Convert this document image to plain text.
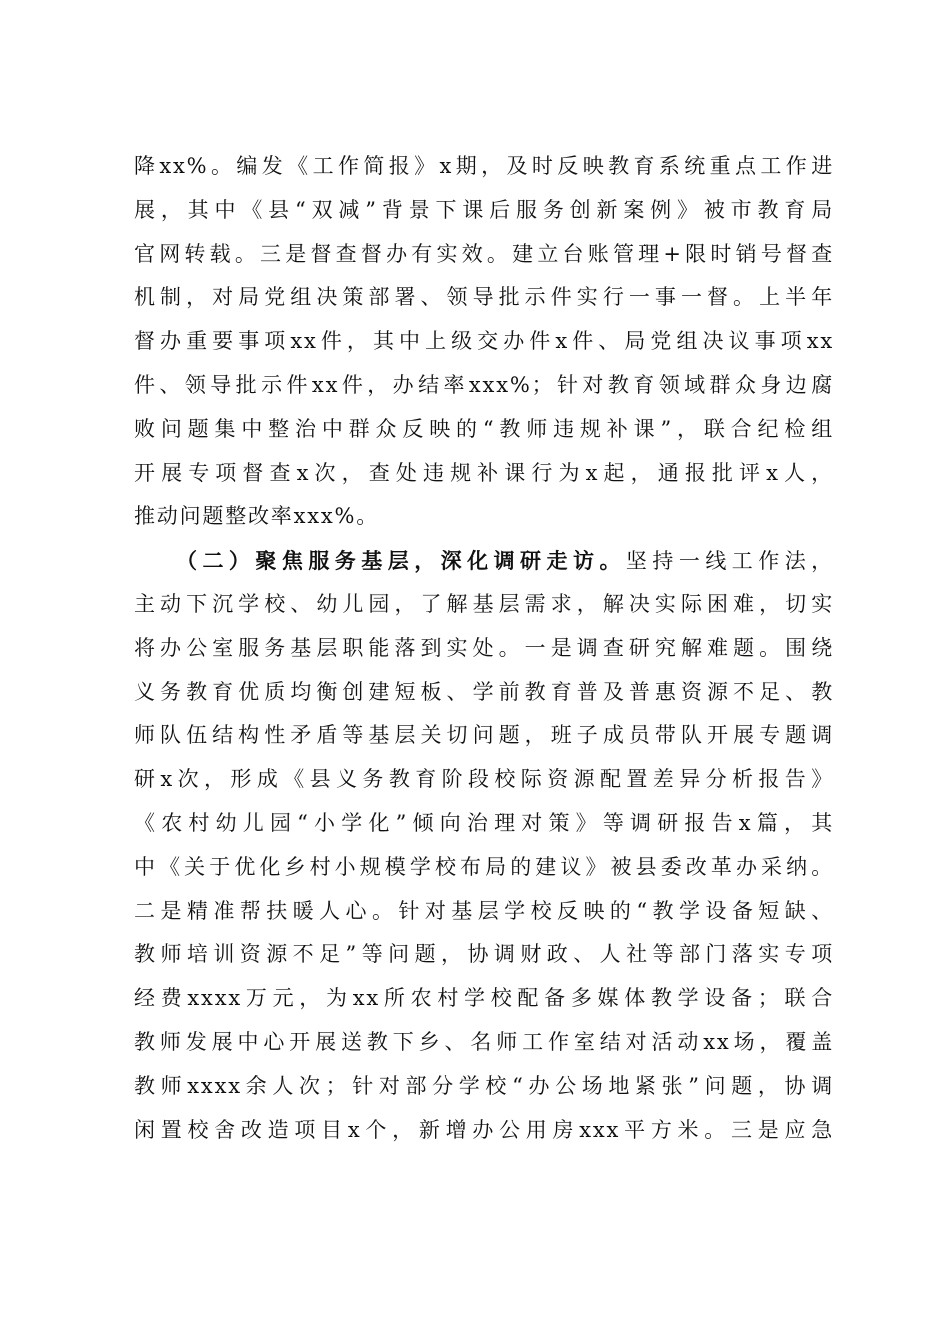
降xx%。编发《工作简报》x期，及时反映教育系统重点工作进
展，其中《县“双减”背景下课后服务创新案例》被市教育局
官网转载。三是督查督办有实效。建立台账管理+限时销号督查
机制，对局党组决策部署、领导批示件实行一事一督。上半年
督办重要事项xx件，其中上级交办件x件、局党组决议事项xx
件、领导批示件xx件，办结率xxx%；针对教育领域群众身边腐
败问题集中整治中群众反映的“教师违规补课”，联合纪检组
开展专项督查x次，查处违规补课行为x起，通报批评x人，
推动问题整改率xxx%。
（二）聚焦服务基层，深化调研走访。坚持一线工作法，
主动下沉学校、幼儿园，了解基层需求，解决实际困难，切实
将办公室服务基层职能落到实处。一是调查研究解难题。围绕
义务教育优质均衡创建短板、学前教育普及普惠资源不足、教
师队伍结构性矛盾等基层关切问题，班子成员带队开展专题调
研x次，形成《县义务教育阶段校际资源配置差异分析报告》
《农村幼儿园“小学化”倾向治理对策》等调研报告x篇，其
中《关于优化乡村小规模学校布局的建议》被县委改革办采纳。
二是精准帮扶暖人心。针对基层学校反映的“教学设备短缺、
教师培训资源不足”等问题，协调财政、人社等部门落实专项
经费xxxx万元，为xx所农村学校配备多媒体教学设备；联合
教师发展中心开展送教下乡、名师工作室结对活动xx场，覆盖
教师xxxx余人次；针对部分学校“办公场地紧张”问题，协调
闲置校舍改造项目x个，新增办公用房xxx平方米。三是应急
